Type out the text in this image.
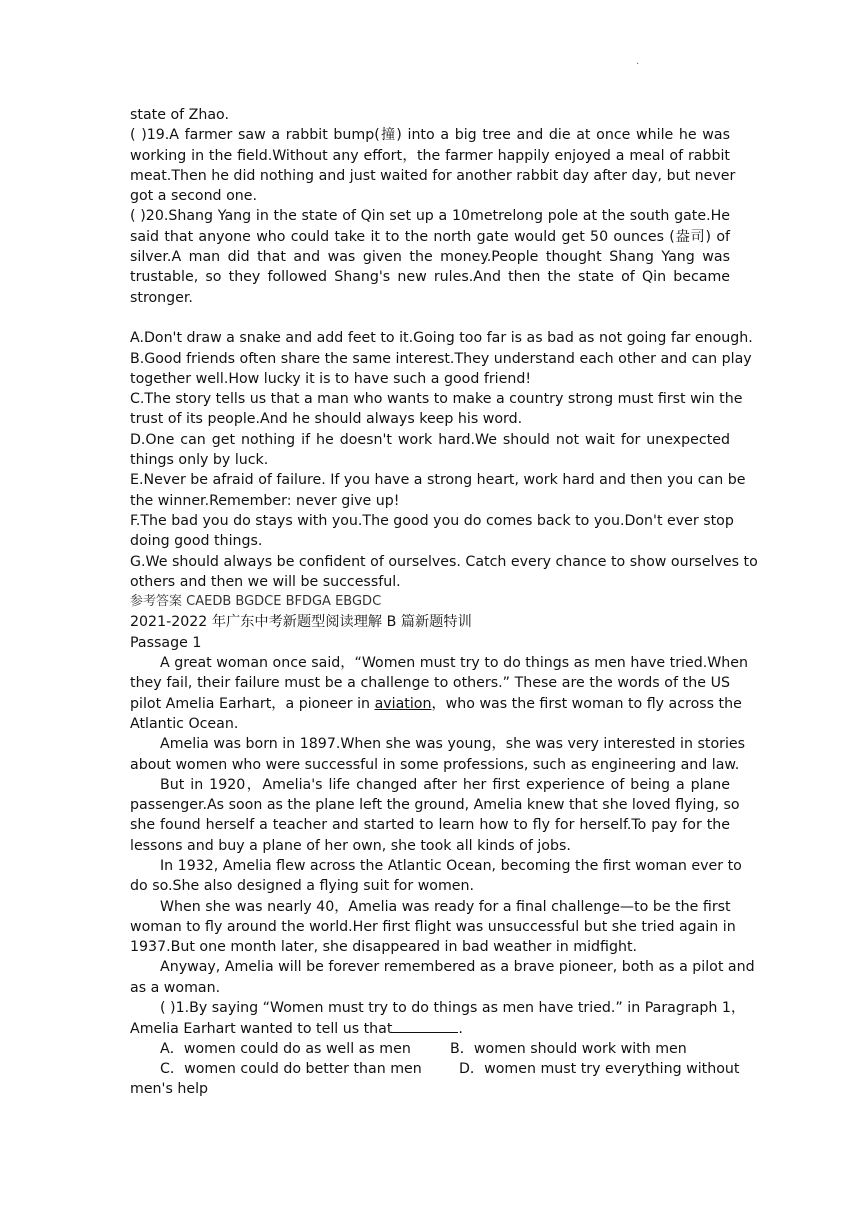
.
state of Zhao.
( )19.A farmer saw a rabbit bump(撞) into a big tree and die at once while he was
working in the field.Without any effort，the farmer happily enjoyed a meal of rabbit
meat.Then he did nothing and just waited for another rabbit day after day, but never
got a second one.
( )20.Shang Yang in the state of Qin set up a 10metrelong pole at the south gate.He
said that anyone who could take it to the north gate would get 50 ounces (盎司) of
silver.A man did that and was given the money.People thought Shang Yang was
trustable, so they followed Shang's new rules.And then the state of Qin became
stronger.
A.Don't draw a snake and add feet to it.Going too far is as bad as not going far enough.
B.Good friends often share the same interest.They understand each other and can play
together well.How lucky it is to have such a good friend!
C.The story tells us that a man who wants to make a country strong must first win the
trust of its people.And he should always keep his word.
D.One can get nothing if he doesn't work hard.We should not wait for unexpected
things only by luck.
E.Never be afraid of failure. If you have a strong heart, work hard and then you can be
the winner.Remember: never give up!
F.The bad you do stays with you.The good you do comes back to you.Don't ever stop
doing good things.
G.We should always be confident of ourselves. Catch every chance to show ourselves to
others and then we will be successful.
参考答案 CAEDB BGDCE BFDGA EBGDC
2021-2022 年广东中考新题型阅读理解 B 篇新题特训
Passage 1
A great woman once said，“Women must try to do things as men have tried.When
they fail, their failure must be a challenge to others.” These are the words of the US
pilot Amelia Earhart，a pioneer in aviation，who was the first woman to fly across the
Atlantic Ocean.
Amelia was born in 1897.When she was young，she was very interested in stories
about women who were successful in some professions, such as engineering and law.
But in 1920，Amelia's life changed after her first experience of being a plane
passenger.As soon as the plane left the ground, Amelia knew that she loved flying, so
she found herself a teacher and started to learn how to fly for herself.To pay for the
lessons and buy a plane of her own, she took all kinds of jobs.
In 1932, Amelia flew across the Atlantic Ocean, becoming the first woman ever to
do so.She also designed a flying suit for women.
When she was nearly 40，Amelia was ready for a final challenge—to be the first
woman to fly around the world.Her first flight was unsuccessful but she tried again in
1937.But one month later, she disappeared in bad weather in midfight.
Anyway, Amelia will be forever remembered as a brave pioneer, both as a pilot and
as a woman.
( )1.By saying “Women must try to do things as men have tried.” in Paragraph 1，
Amelia Earhart wanted to tell us that	.
A．women could do as well as men	B．women should work with men
C．women could do better than men	D．women must try everything without
men's help
